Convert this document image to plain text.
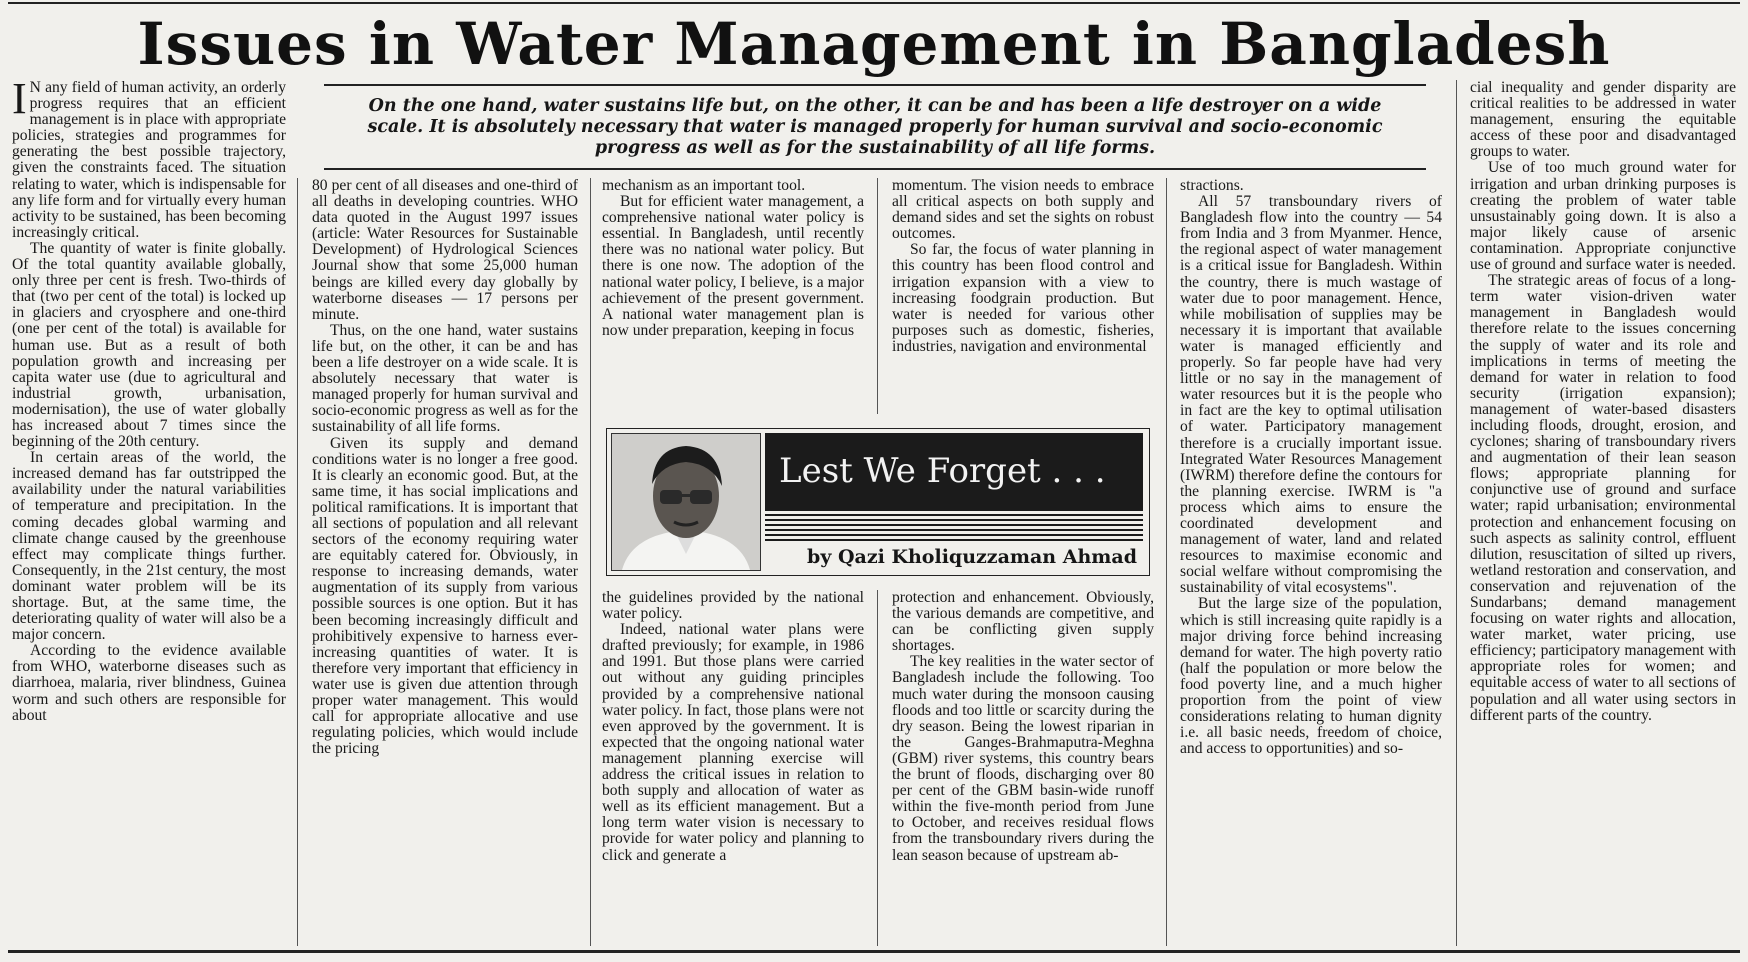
Issues in Water Management in Bangladesh
On the one hand, water sustains life but, on the other, it can be and has been a life destroyer on a wide scale. It is absolutely necessary that water is managed properly for human survival and socio-economic progress as well as for the sustainability of all life forms.

I N any field of human activity, an orderly progress requires that an efficient management is in place with appropriate policies, strategies and programmes for generating the best possible trajectory, given the constraints faced. The situation relating to water, which is indispensable for any life form and for virtually every human activity to be sustained, has been becoming increasingly critical.

The quantity of water is finite globally. Of the total quantity available globally, only three per cent is fresh. Two-thirds of that (two per cent of the total) is locked up in glaciers and cryosphere and one-third (one per cent of the total) is available for human use. But as a result of both population growth and increasing per capita water use (due to agricultural and industrial growth, urbanisation, modernisation), the use of water globally has increased about 7 times since the beginning of the 20th century.

In certain areas of the world, the increased demand has far outstripped the availability under the natural variabilities of temperature and precipitation. In the coming decades global warming and climate change caused by the greenhouse effect may complicate things further. Consequently, in the 21st century, the most dominant water problem will be its shortage. But, at the same time, the deteriorating quality of water will also be a major concern.

According to the evidence available from WHO, waterborne diseases such as diarrhoea, malaria, river blindness, Guinea worm and such others are responsible for about

80 per cent of all diseases and one-third of all deaths in developing countries. WHO data quoted in the August 1997 issues (article: Water Resources for Sustainable Development) of Hydrological Sciences Journal show that some 25,000 human beings are killed every day globally by waterborne diseases — 17 persons per minute.

Thus, on the one hand, water sustains life but, on the other, it can be and has been a life destroyer on a wide scale. It is absolutely necessary that water is managed properly for human survival and socio-economic progress as well as for the sustainability of all life forms.

Given its supply and demand conditions water is no longer a free good. It is clearly an economic good. But, at the same time, it has social implications and political ramifications. It is important that all sections of population and all relevant sectors of the economy requiring water are equitably catered for. Obviously, in response to increasing demands, water augmentation of its supply from various possible sources is one option. But it has been becoming increasingly difficult and prohibitively expensive to harness ever-increasing quantities of water. It is therefore very important that efficiency in water use is given due attention through proper water management. This would call for appropriate allocative and use regulating policies, which would include the pricing

mechanism as an important tool.

But for efficient water management, a comprehensive national water policy is essential. In Bangladesh, until recently there was no national water policy. But there is one now. The adoption of the national water policy, I believe, is a major achievement of the present government. A national water management plan is now under preparation, keeping in focus

momentum. The vision needs to embrace all critical aspects on both supply and demand sides and set the sights on robust outcomes.

So far, the focus of water planning in this country has been flood control and irrigation expansion with a view to increasing foodgrain production. But water is needed for various other purposes such as domestic, fisheries, industries, navigation and environmental

Lest We Forget . . .
by Qazi Kholiquzzaman Ahmad

the guidelines provided by the national water policy.

Indeed, national water plans were drafted previously; for example, in 1986 and 1991. But those plans were carried out without any guiding principles provided by a comprehensive national water policy. In fact, those plans were not even approved by the government. It is expected that the ongoing national water management planning exercise will address the critical issues in relation to both supply and allocation of water as well as its efficient management. But a long term water vision is necessary to provide for water policy and planning to click and generate a

protection and enhancement. Obviously, the various demands are competitive, and can be conflicting given supply shortages.

The key realities in the water sector of Bangladesh include the following. Too much water during the monsoon causing floods and too little or scarcity during the dry season. Being the lowest riparian in the Ganges-Brahmaputra-Meghna (GBM) river systems, this country bears the brunt of floods, discharging over 80 per cent of the GBM basin-wide runoff within the five-month period from June to October, and receives residual flows from the transboundary rivers during the lean season because of upstream ab-

stractions.

All 57 transboundary rivers of Bangladesh flow into the country — 54 from India and 3 from Myanmer. Hence, the regional aspect of water management is a critical issue for Bangladesh. Within the country, there is much wastage of water due to poor management. Hence, while mobilisation of supplies may be necessary it is important that available water is managed efficiently and properly. So far people have had very little or no say in the management of water resources but it is the people who in fact are the key to optimal utilisation of water. Participatory management therefore is a crucially important issue. Integrated Water Resources Management (IWRM) therefore define the contours for the planning exercise. IWRM is "a process which aims to ensure the coordinated development and management of water, land and related resources to maximise economic and social welfare without compromising the sustainability of vital ecosystems".

But the large size of the population, which is still increasing quite rapidly is a major driving force behind increasing demand for water. The high poverty ratio (half the population or more below the food poverty line, and a much higher proportion from the point of view considerations relating to human dignity i.e. all basic needs, freedom of choice, and access to opportunities) and so-

cial inequality and gender disparity are critical realities to be addressed in water management, ensuring the equitable access of these poor and disadvantaged groups to water.

Use of too much ground water for irrigation and urban drinking purposes is creating the problem of water table unsustainably going down. It is also a major likely cause of arsenic contamination. Appropriate conjunctive use of ground and surface water is needed.

The strategic areas of focus of a long-term water vision-driven water management in Bangladesh would therefore relate to the issues concerning the supply of water and its role and implications in terms of meeting the demand for water in relation to food security (irrigation expansion); management of water-based disasters including floods, drought, erosion, and cyclones; sharing of transboundary rivers and augmentation of their lean season flows; appropriate planning for conjunctive use of ground and surface water; rapid urbanisation; environmental protection and enhancement focusing on such aspects as salinity control, effluent dilution, resuscitation of silted up rivers, wetland restoration and conservation, and conservation and rejuvenation of the Sundarbans; demand management focusing on water rights and allocation, water market, water pricing, use efficiency; participatory management with appropriate roles for women; and equitable access of water to all sections of population and all water using sectors in different parts of the country.
